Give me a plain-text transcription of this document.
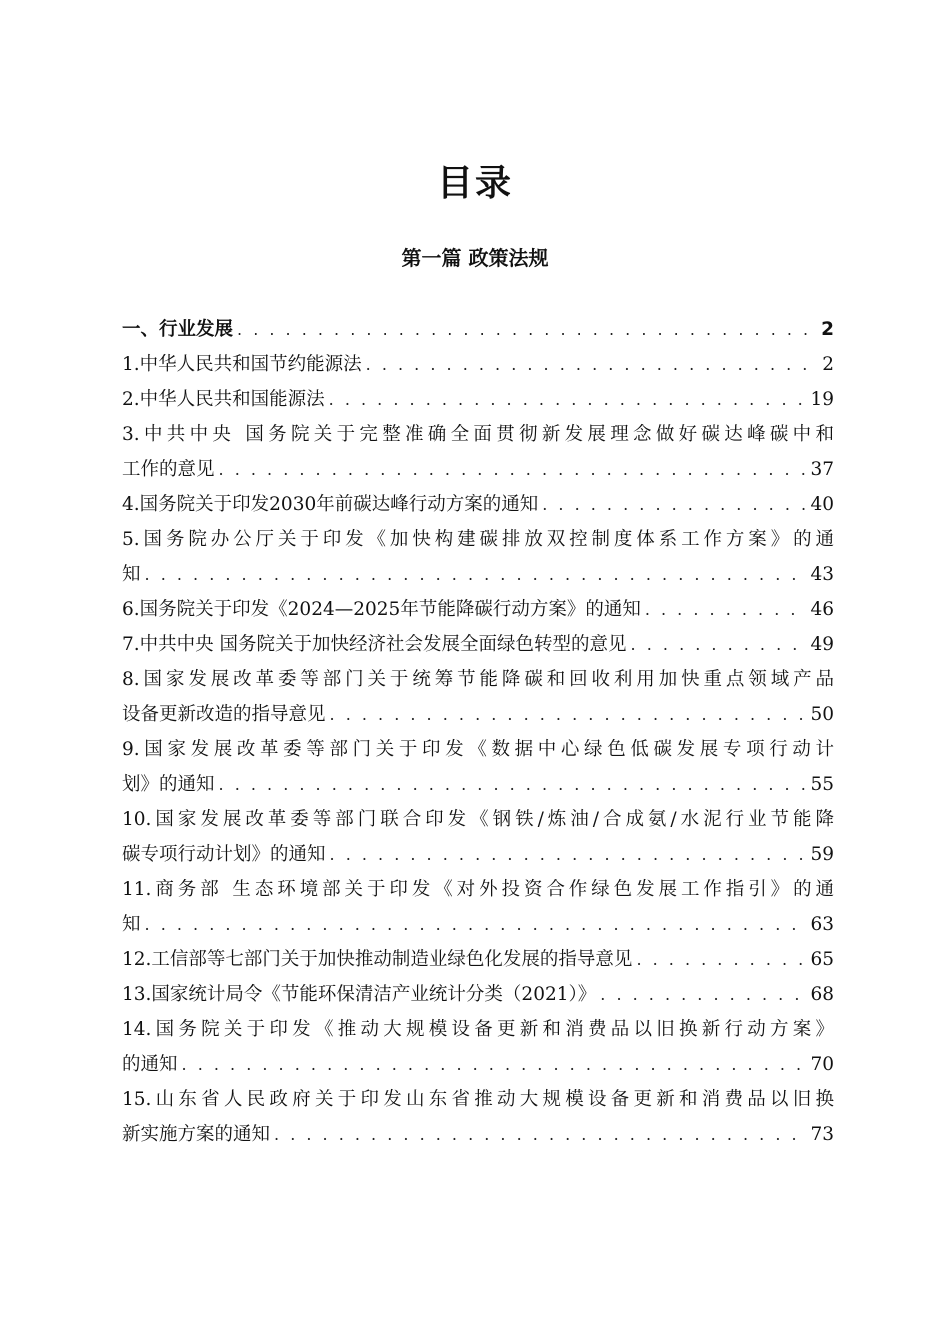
目录
第一篇 政策法规
一、行业发展 . . .	2
1.中华人民共和国节约能源法 . . .	2
2.中华人民共和国能源法 . . .	19
3.中共中央 国务院关于完整准确全面贯彻新发展理念做好碳达峰碳中和
工作的意见 . . .	37
4.国务院关于印发2030年前碳达峰行动方案的通知 . . .	40
5.国务院办公厅关于印发《加快构建碳排放双控制度体系工作方案》的通
知 . . .	43
6.国务院关于印发《2024—2025年节能降碳行动方案》的通知 . . .	46
7.中共中央 国务院关于加快经济社会发展全面绿色转型的意见 . . .	49
8.国家发展改革委等部门关于统筹节能降碳和回收利用加快重点领域产品
设备更新改造的指导意见 . . .	50
9.国家发展改革委等部门关于印发《数据中心绿色低碳发展专项行动计
划》的通知 . . .	55
10.国家发展改革委等部门联合印发《钢铁/炼油/合成氨/水泥行业节能降
碳专项行动计划》的通知 . . .	59
11.商务部 生态环境部关于印发《对外投资合作绿色发展工作指引》的通
知 . . .	63
12.工信部等七部门关于加快推动制造业绿色化发展的指导意见 . . .	65
13.国家统计局令《节能环保清洁产业统计分类（2021）》 . . .	68
14.国务院关于印发《推动大规模设备更新和消费品以旧换新行动方案》
的通知 . . .	70
15.山东省人民政府关于印发山东省推动大规模设备更新和消费品以旧换
新实施方案的通知 . . .	73
